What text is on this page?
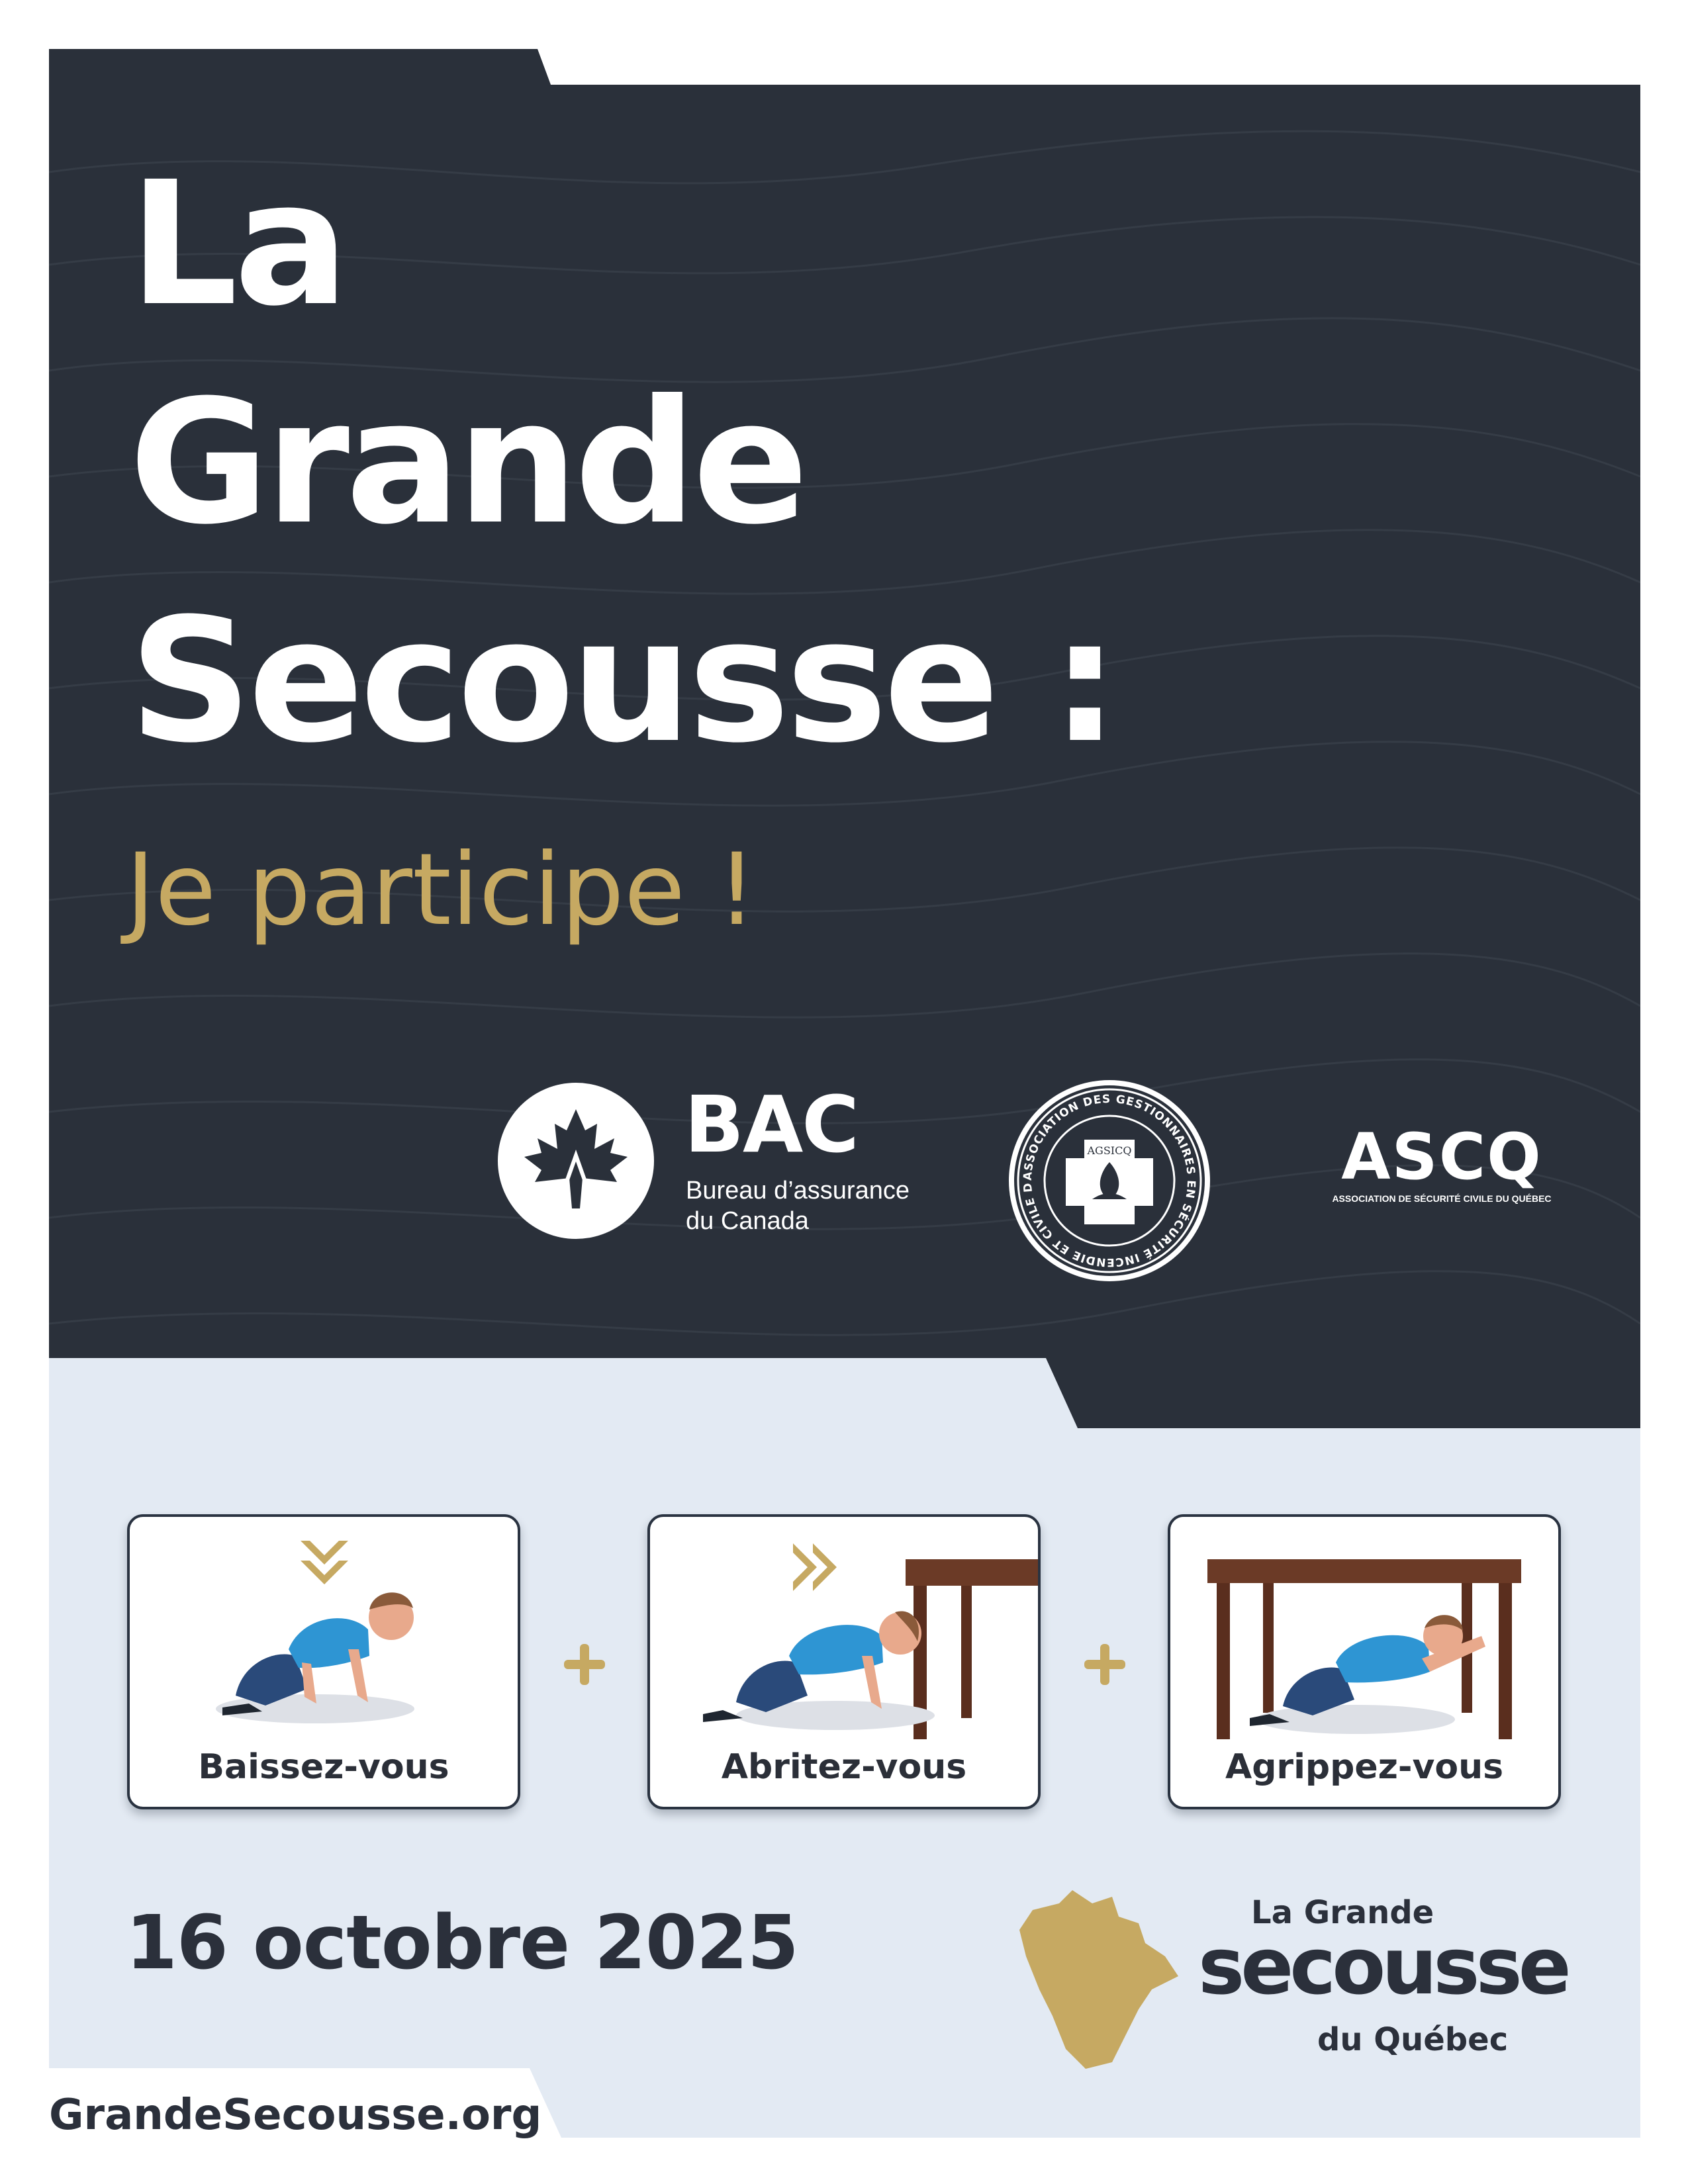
La
Grande
Secousse :
Je participe !
BAC
Bureau d’assurance
du Canada
ASSOCIATION DES GESTIONNAIRES EN SÉCURITÉ INCENDIE ET CIVILE D
AGSICQ	ASCQ
ASSOCIATION DE SÉCURITÉ CIVILE DU QUÉBEC
Baissez-vous	Abritez-vous	Agrippez-vous
16 octobre 2025	La Grande
secousse
du Québec
GrandeSecousse.org
